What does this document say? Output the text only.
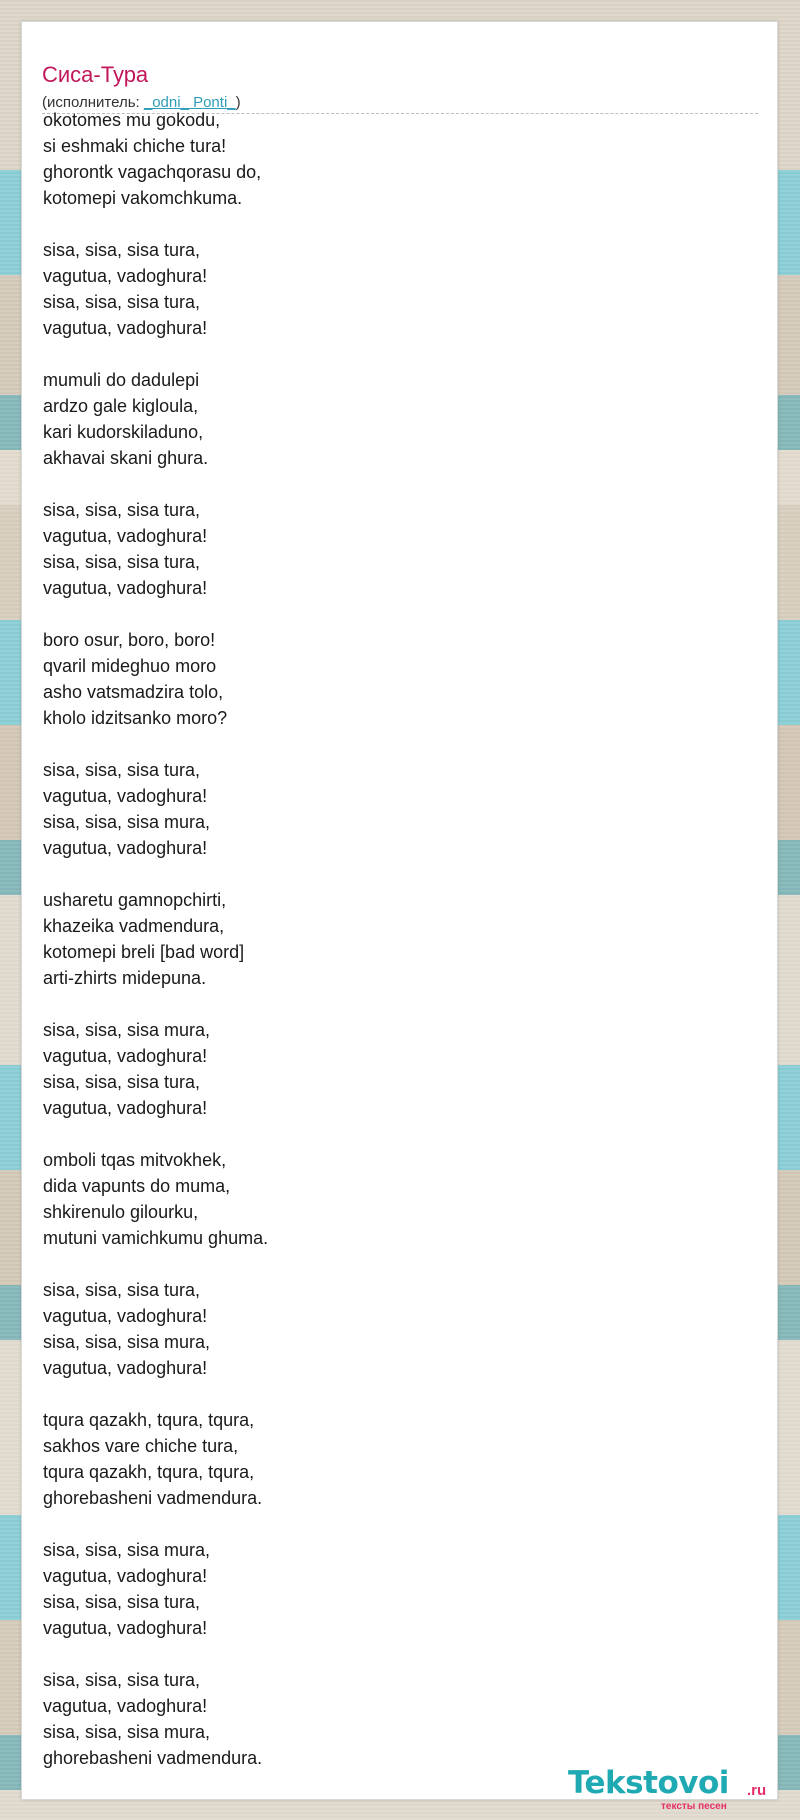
Сиса-Тура
(исполнитель: _odni_ Ponti_)
okotomes mu gokodu,
si eshmaki chiche tura!
ghorontk vagachqorasu do,
kotomepi vakomchkuma.
sisa, sisa, sisa tura,
vagutua, vadoghura!
sisa, sisa, sisa tura,
vagutua, vadoghura!
mumuli do dadulepi
ardzo gale kigloula,
kari kudorskiladuno,
akhavai skani ghura.
sisa, sisa, sisa tura,
vagutua, vadoghura!
sisa, sisa, sisa tura,
vagutua, vadoghura!
boro osur, boro, boro!
qvaril mideghuo moro
asho vatsmadzira tolo,
kholo idzitsanko moro?
sisa, sisa, sisa tura,
vagutua, vadoghura!
sisa, sisa, sisa mura,
vagutua, vadoghura!
usharetu gamnopchirti,
khazeika vadmendura,
kotomepi breli [bad word]
arti-zhirts midepuna.
sisa, sisa, sisa mura,
vagutua, vadoghura!
sisa, sisa, sisa tura,
vagutua, vadoghura!
omboli tqas mitvokhek,
dida vapunts do muma,
shkirenulo gilourku,
mutuni vamichkumu ghuma.
sisa, sisa, sisa tura,
vagutua, vadoghura!
sisa, sisa, sisa mura,
vagutua, vadoghura!
tqura qazakh, tqura, tqura,
sakhos vare chiche tura,
tqura qazakh, tqura, tqura,
ghorebasheni vadmendura.
sisa, sisa, sisa mura,
vagutua, vadoghura!
sisa, sisa, sisa tura,
vagutua, vadoghura!
sisa, sisa, sisa tura,
vagutua, vadoghura!
sisa, sisa, sisa mura,
ghorebasheni vadmendura.
Tekstovoi .ru
тексты песен
